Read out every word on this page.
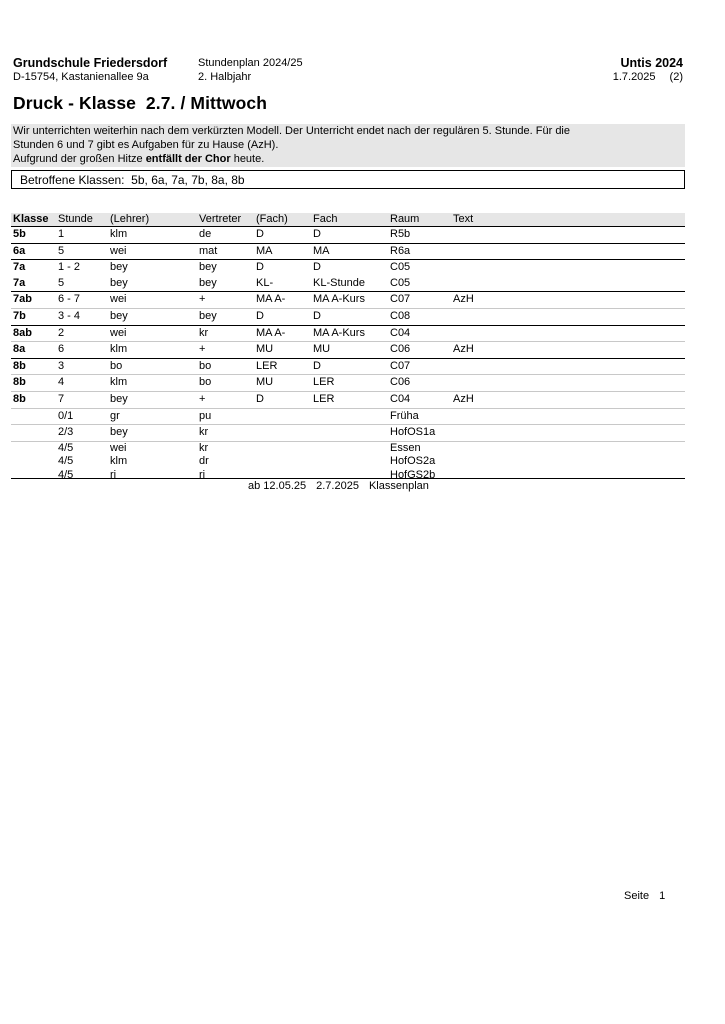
Grundschule Friedersdorf
D-15754, Kastanienallee 9a
Stundenplan 2024/25
2. Halbjahr
Untis 2024
1.7.2025 (2)
Druck - Klasse  2.7. / Mittwoch
Wir unterrichten weiterhin nach dem verkürzten Modell. Der Unterricht endet nach der regulären 5. Stunde. Für die
Stunden 6 und 7 gibt es Aufgaben für zu Hause (AzH).
Aufgrund der großen Hitze entfällt der Chor heute.
Betroffene Klassen:  5b, 6a, 7a, 7b, 8a, 8b
Klasse	Stunde	(Lehrer)	Vertreter	(Fach)	Fach	Raum	Text
5b	1	klm	de	D	D	R5b	
6a	5	wei	mat	MA	MA	R6a	
7a	1 - 2	bey	bey	D	D	C05	
7a	5	bey	bey	KL-	KL-Stunde	C05	
7ab	6 - 7	wei	+	MA A-	MA A-Kurs	C07	AzH
7b	3 - 4	bey	bey	D	D	C08	
8ab	2	wei	kr	MA A-	MA A-Kurs	C04	
8a	6	klm	+	MU	MU	C06	AzH
8b	3	bo	bo	LER	D	C07	
8b	4	klm	bo	MU	LER	C06	
8b	7	bey	+	D	LER	C04	AzH
	0/1	gr	pu			Frühа	
	2/3	bey	kr			HofOS1a	
	4/5	wei	kr			Essen	
	4/5	klm	dr			HofOS2a	
	4/5	ri	ri			HofGS2b	
ab 12.05.25 2.7.2025 Klassenplan
Seite 1
